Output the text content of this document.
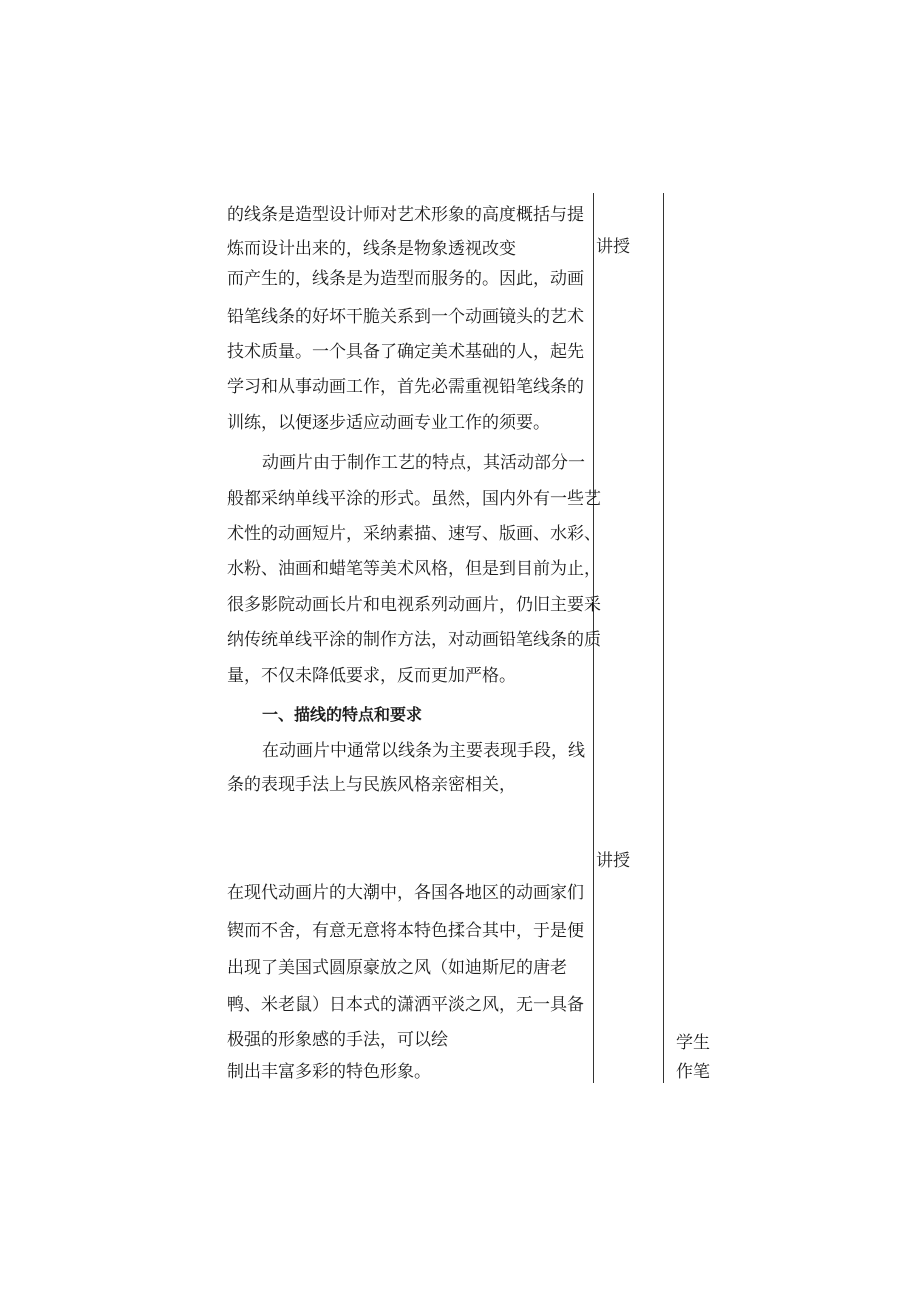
的线条是造型设计师对艺术形象的高度概括与提
炼而设计出来的，线条是物象透视改变
而产生的，线条是为造型而服务的。因此，动画
铅笔线条的好坏干脆关系到一个动画镜头的艺术
技术质量。一个具备了确定美术基础的人，起先
学习和从事动画工作，首先必需重视铅笔线条的
训练，以便逐步适应动画专业工作的须要。
动画片由于制作工艺的特点，其活动部分一
般都采纳单线平涂的形式。虽然，国内外有一些艺
术性的动画短片，采纳素描、速写、版画、水彩、
水粉、油画和蜡笔等美术风格，但是到目前为止，
很多影院动画长片和电视系列动画片，仍旧主要采
纳传统单线平涂的制作方法，对动画铅笔线条的质
量，不仅未降低要求，反而更加严格。
一、描线的特点和要求
在动画片中通常以线条为主要表现手段，线
条的表现手法上与民族风格亲密相关，
在现代动画片的大潮中，各国各地区的动画家们
锲而不舍，有意无意将本特色揉合其中，于是便
出现了美国式圆原豪放之风（如迪斯尼的唐老
鸭、米老鼠）日本式的潇洒平淡之风，无一具备
极强的形象感的手法，可以绘
制出丰富多彩的特色形象。
讲授
讲授
学生
作笔
